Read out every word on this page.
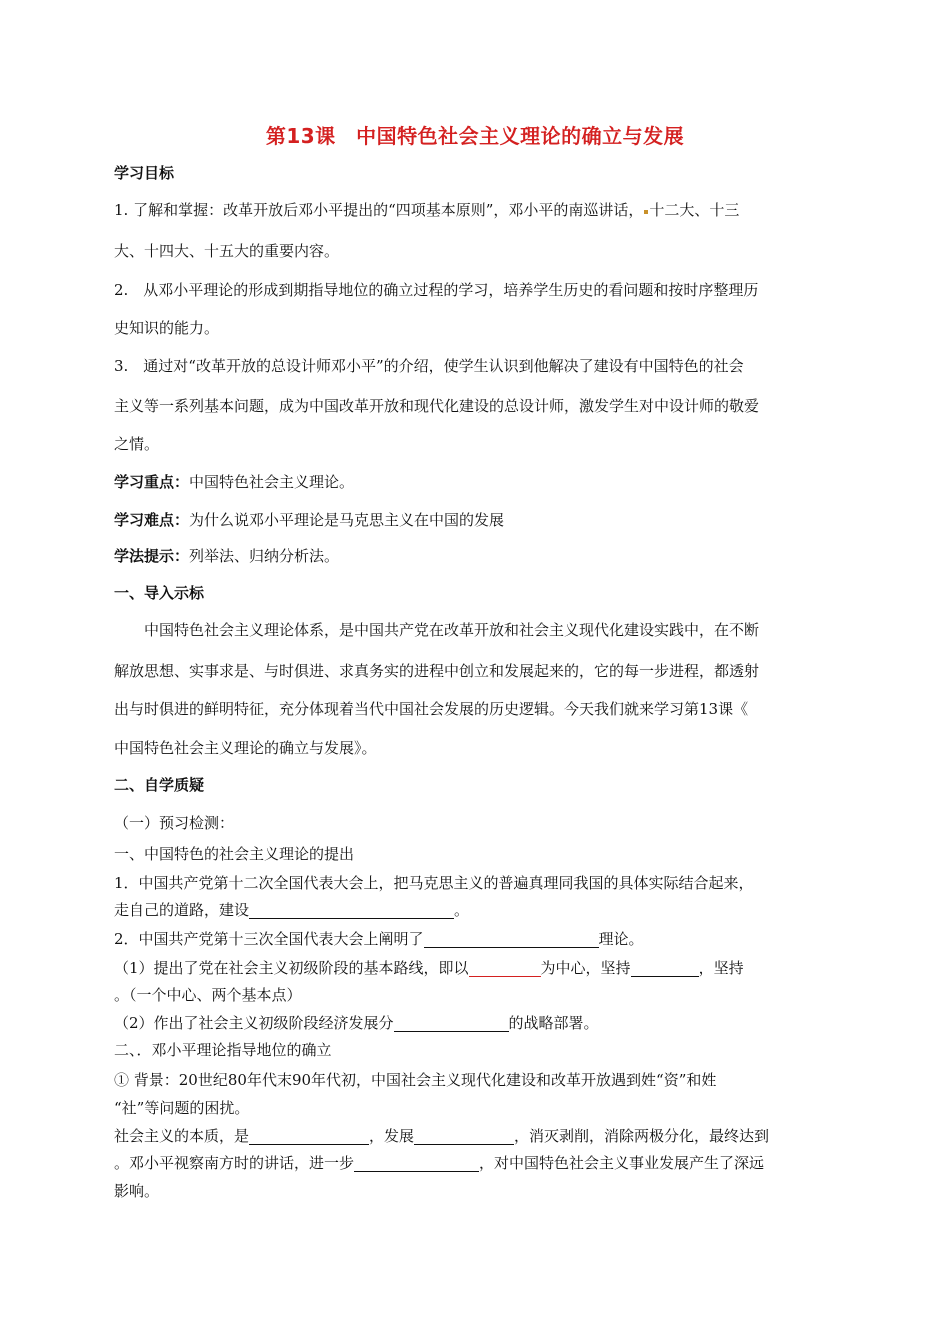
第13课　中国特色社会主义理论的确立与发展
学习目标
1. 了解和掌握：改革开放后邓小平提出的“四项基本原则”，邓小平的南巡讲话， 十二大、十三
大、十四大、十五大的重要内容。
2.　从邓小平理论的形成到期指导地位的确立过程的学习，培养学生历史的看问题和按时序整理历
史知识的能力。
3.　通过对“改革开放的总设计师邓小平”的介绍，使学生认识到他解决了建设有中国特色的社会
主义等一系列基本问题，成为中国改革开放和现代化建设的总设计师，激发学生对中设计师的敬爱
之情。
学习重点：中国特色社会主义理论。
学习难点：为什么说邓小平理论是马克思主义在中国的发展
学法提示：列举法、归纳分析法。
一、导入示标
中国特色社会主义理论体系，是中国共产党在改革开放和社会主义现代化建设实践中，在不断
解放思想、实事求是、与时俱进、求真务实的进程中创立和发展起来的，它的每一步进程，都透射
出与时俱进的鲜明特征，充分体现着当代中国社会发展的历史逻辑。今天我们就来学习第13课《
中国特色社会主义理论的确立与发展》。
二、自学质疑
（一）预习检测：
一、中国特色的社会主义理论的提出
1．中国共产党第十二次全国代表大会上，把马克思主义的普遍真理同我国的具体实际结合起来，
走自己的道路，建设	。
2．中国共产党第十三次全国代表大会上阐明了	理论。
（1）提出了党在社会主义初级阶段的基本路线，即以	为中心，坚持	，坚持
。（一个中心、两个基本点）
（2）作出了社会主义初级阶段经济发展分	的战略部署。
二、．邓小平理论指导地位的确立
① 背景：20世纪80年代末90年代初，中国社会主义现代化建设和改革开放遇到姓“资”和姓
“社”等问题的困扰。
社会主义的本质，是	，发展	，消灭剥削，消除两极分化，最终达到
。邓小平视察南方时的讲话，进一步	，对中国特色社会主义事业发展产生了深远
影响。
